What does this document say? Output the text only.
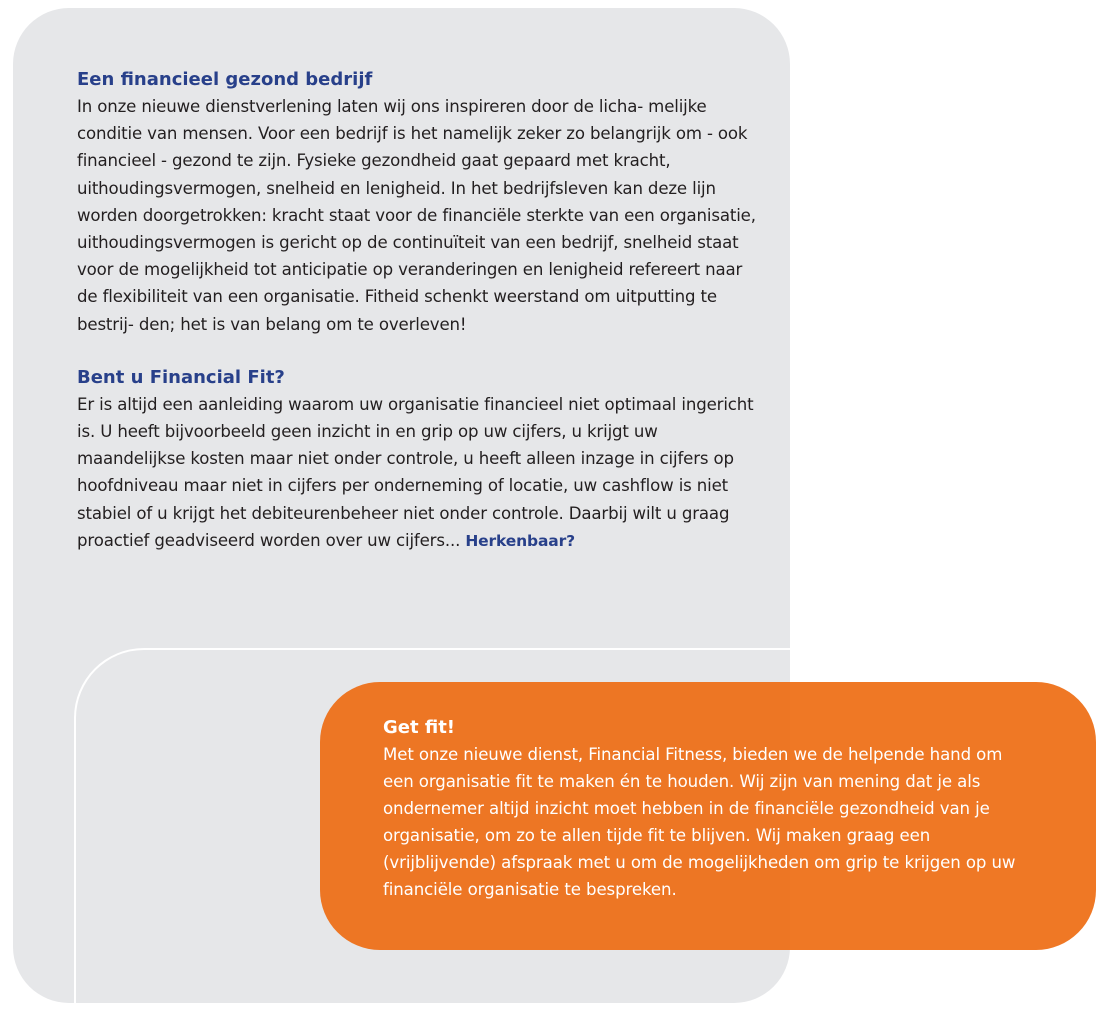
Een financieel gezond bedrijf

In onze nieuwe dienstverlening laten wij ons inspireren door de licha- melijke conditie van mensen. Voor een bedrijf is het namelijk zeker zo belangrijk om - ook financieel - gezond te zijn. Fysieke gezondheid gaat gepaard met kracht, uithoudingsvermogen, snelheid en lenigheid. In het bedrijfsleven kan deze lijn worden doorgetrokken: kracht staat voor de financiële sterkte van een organisatie, uithoudingsvermogen is gericht op de continuïteit van een bedrijf, snelheid staat voor de mogelijkheid tot anticipatie op veranderingen en lenigheid refereert naar de flexibiliteit van een organisatie. Fitheid schenkt weerstand om uitputting te bestrij- den; het is van belang om te overleven!

Bent u Financial Fit?

Er is altijd een aanleiding waarom uw organisatie financieel niet optimaal ingericht is. U heeft bijvoorbeeld geen inzicht in en grip op uw cijfers, u krijgt uw maandelijkse kosten maar niet onder controle, u heeft alleen inzage in cijfers op hoofdniveau maar niet in cijfers per onderneming of locatie, uw cashflow is niet stabiel of u krijgt het debiteurenbeheer niet onder controle. Daarbij wilt u graag proactief geadviseerd worden over uw cijfers... Herkenbaar?

Get fit!

Met onze nieuwe dienst, Financial Fitness, bieden we de helpende hand om een organisatie fit te maken én te houden. Wij zijn van mening dat je als ondernemer altijd inzicht moet hebben in de financiële gezondheid van je organisatie, om zo te allen tijde fit te blijven. Wij maken graag een (vrijblijvende) afspraak met u om de mogelijkheden om grip te krijgen op uw financiële organisatie te bespreken.
